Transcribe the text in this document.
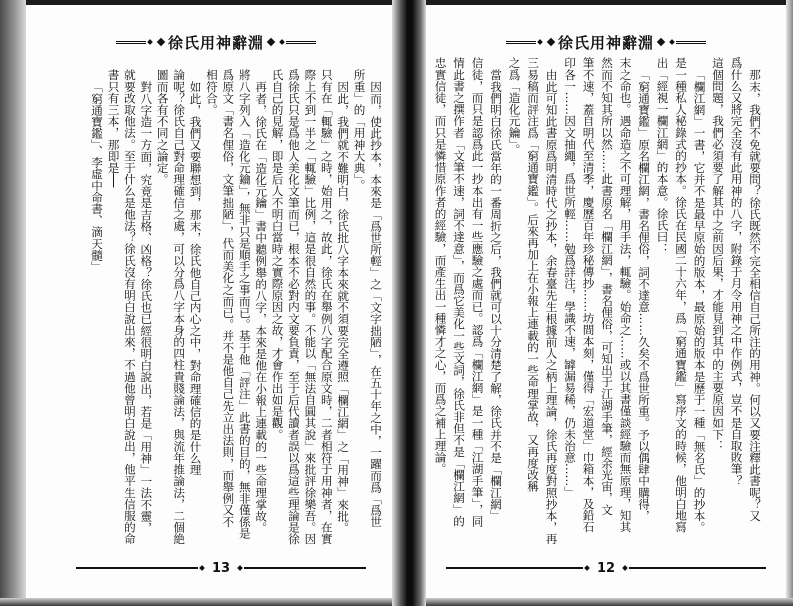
徐氏用神辭淵
因而，使此抄本，本來是「爲世所輕」之「文字拙陋」，在五十年之中，一躍而爲「爲世
所重」的「用神大典」。
因此，我們就不難明白，徐氏批八字本來就不須要完全遵照「欄江網」之「用神」來批。
只有在「輒驗」之時，始用之，故此，徐氏在舉例八字配合原文時，二者相符于用神者，在實
際上不到一半之「輒驗」比例，這是很自然的事。不能以「無法自圓其說」來批評徐樂吾。因
爲徐氏只是爲他人美化文筆而已，根本不必對内文要負責，至于后代讀者誤以爲這些理論是徐
氏自己的見解，即是后人不明白當時之實際原因之故，才會作出如是觀。
再者，徐氏在「造化元鑰」書中聽例舉的八字，本來是他在小報上連載的一些命理掌故。
將八字列入「造化元鑰」，無非只是順手之事而已。基于他「評注」此書的目的，無非僅係是
爲原文「書名俚俗，文筆拙陋」，代而美化之而已。并不是他自己先立出法則，而舉例又不
相符合。
如此，我們又要聯想到，那末，徐氏他自己内心之中，對命理確信的是什么理
論呢？徐氏自己對命理確信之處，可以分爲八字本身的四柱貴賤論法，與流年推論法，二個絶
圖而各有不同之論定。
對八字造一方面，究竟是吉格、凶格？徐氏也已經很明白說出，若是「用神」一法不靈，
就要改取他法。至于什么是他法？徐氏沒有明白說出來，不過他曾明白說出，他平生信服的命
書只有三本，那即是──
「窮通寶鑑」、李虛中命書、滴天髓」
13
徐氏用神辭淵
那末，我們不免就要問？徐氏既然不完全相信自己所注的用神。何以又要注釋此書呢？又
爲什么又將完全沒有此用神的八字，附錄于月令用神之中作例式，豈不是自取敗筆？
這個問題，我們必須要了解其中之前因后果，才能見到其中的主要原因如下：
「欄江網」一書，它并不是最早原始的版本，最原始的版本是歷于一種「無名氏」的抄本。
是一種私人秘錄式的抄本。徐氏在民國二十六年，爲「窮通寶鑑」寫序文的時候，他明白地寫
出「經視一欄江網」的本意。徐氏曰：
「窮通寶鑑」原名欄江網，書名俚俗，詞不達意……久矣不爲世所重。予以偶肆中購得，
末之命也。遇命造之不可理解，用手法，輒驗。始命之……或以其書僅談經驗而無原理，知其
然而不知其所以然……此書原名「欄江網」，書名俚俗，可知出于江湖手筆，經余光宙，文
筆不速，蓋自明代至清季，慶歷百年珍秘傳抄……坊間本刻，僅得「宏道堂」巾箱本，及鉛石
印各一……因文抽繩，爲世所輕……勉爲詳注，學識不速，罅漏易稀，仍未治意……」
由此可知此書原爲明清時代之抄本，余春臺先生根據前人之柄上理論，徐氏再度對照抄本，再
三易稿而評注爲「窮通寶鑑」。后來再加上在小報上連載的一些命理掌故，又再度改稱
之爲「造化元鑰」。
當我們明白徐氏當年的一番周折之后，我們就可以十分清楚了解，徐氏并不是「欄江網」
信徒，而只是認爲此一抄本出有一些應驗之處而已。認爲「欄江網」是一種「江湖手筆」，同
情此書之撰作者「文筆不速，詞不達意」，而爲它美化一些文詞，徐氏非但不是「欄江網」的
忠實信徒，而只是憐惜原作者的經驗，而產生出一種憐才之心，而爲之補上理論。
12
